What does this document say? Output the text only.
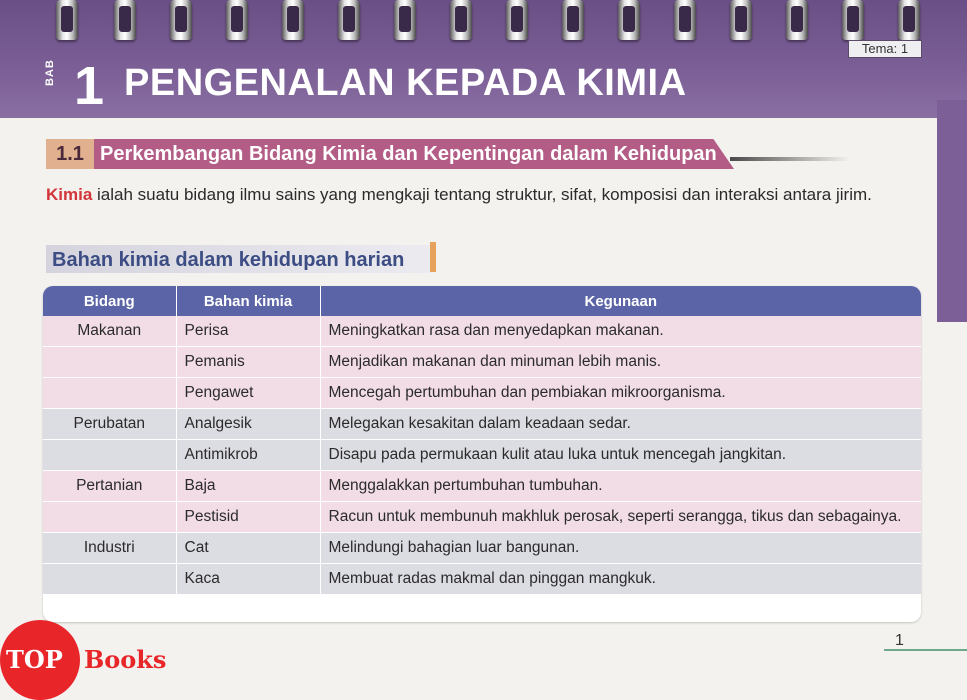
Tema: 1
BAB 1 PENGENALAN KEPADA KIMIA
1.1 Perkembangan Bidang Kimia dan Kepentingan dalam Kehidupan

Kimia ialah suatu bidang ilmu sains yang mengkaji tentang struktur, sifat, komposisi dan interaksi antara jirim.

Bahan kimia dalam kehidupan harian
Bidang	Bahan kimia	Kegunaan
Makanan	Perisa	Meningkatkan rasa dan menyedapkan makanan.
	Pemanis	Menjadikan makanan dan minuman lebih manis.
	Pengawet	Mencegah pertumbuhan dan pembiakan mikroorganisma.
Perubatan	Analgesik	Melegakan kesakitan dalam keadaan sedar.
	Antimikrob	Disapu pada permukaan kulit atau luka untuk mencegah jangkitan.
Pertanian	Baja	Menggalakkan pertumbuhan tumbuhan.
	Pestisid	Racun untuk membunuh makhluk perosak, seperti serangga, tikus dan sebagainya.
Industri	Cat	Melindungi bahagian luar bangunan.
	Kaca	Membuat radas makmal dan pinggan mangkuk.
TOP Books
1
